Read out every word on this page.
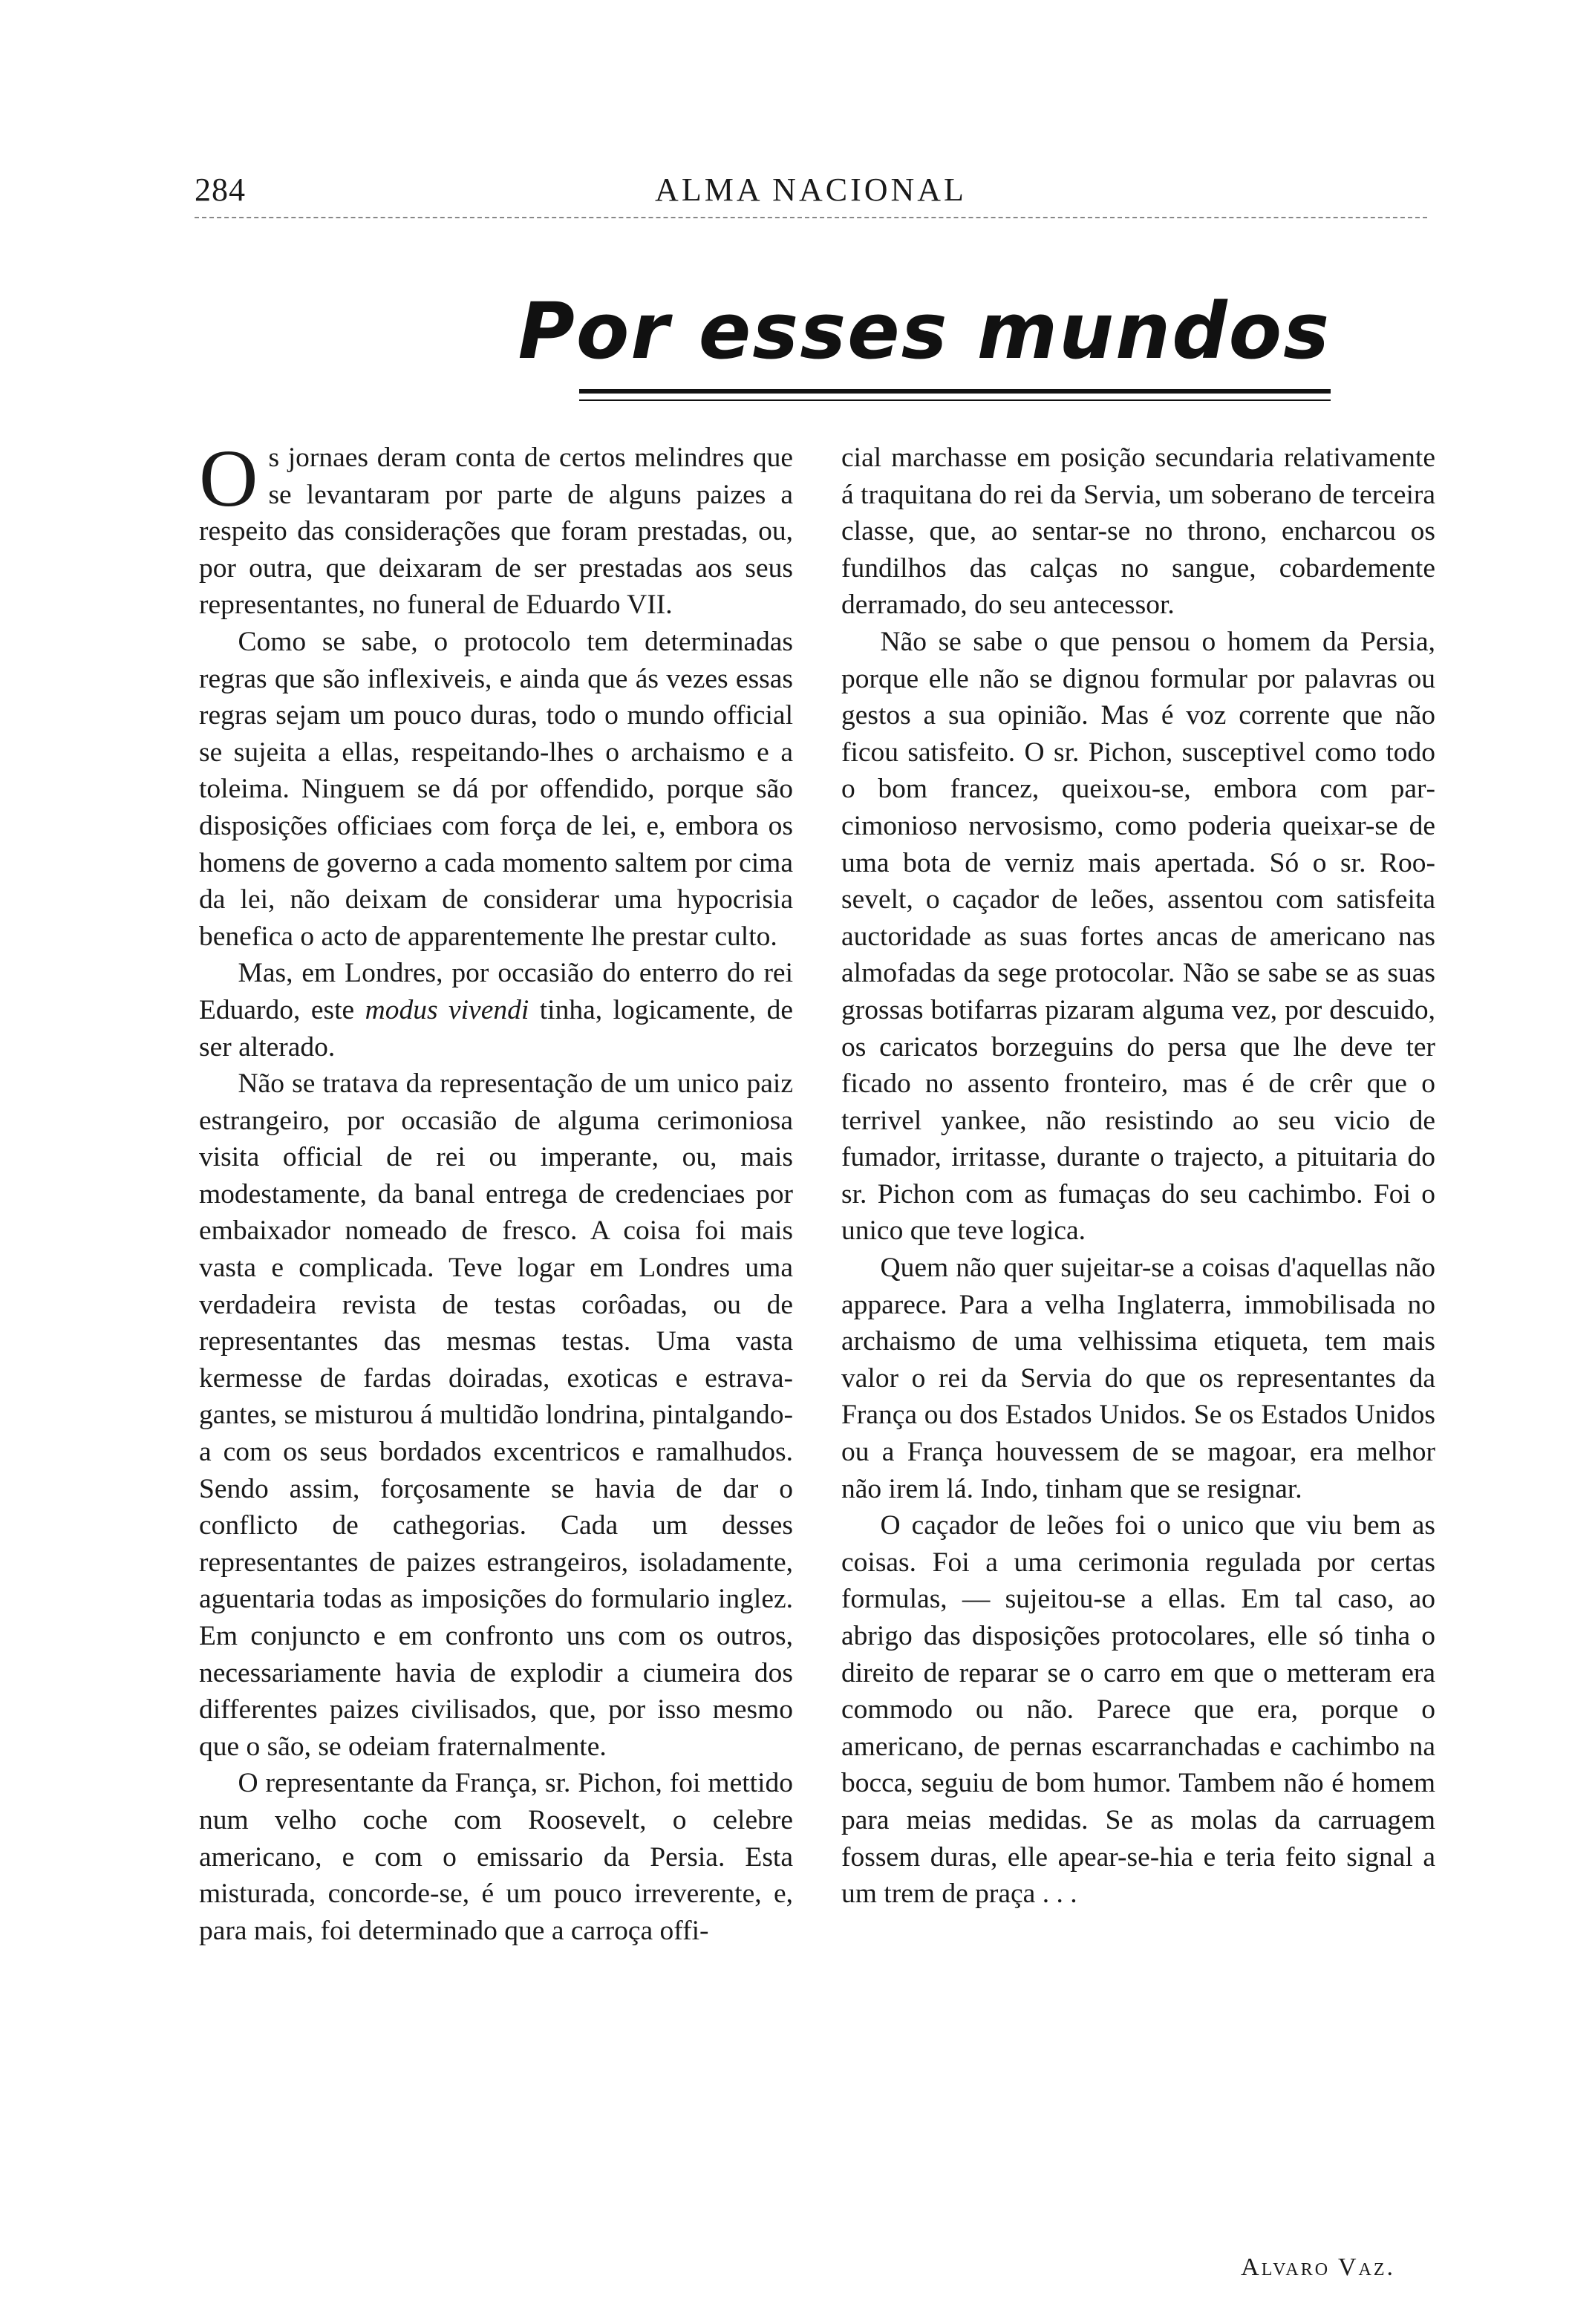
284	ALMA NACIONAL
Por esses mundos

Os jornaes deram conta de certos melindres que se levantaram por parte de alguns paizes a respeito das considerações que foram prestadas, ou, por outra, que deixaram de ser prestadas aos seus representantes, no funeral de Eduardo VII.

Como se sabe, o protocolo tem determinadas regras que são inflexiveis, e ainda que ás vezes essas regras sejam um pouco duras, todo o mundo official se sujeita a ellas, respeitando-lhes o archaismo e a toleima. Ninguem se dá por offendido, porque são disposições officiaes com força de lei, e, embora os homens de governo a cada momento saltem por cima da lei, não deixam de considerar uma hypocrisia benefica o acto de apparentemente lhe prestar culto.

Mas, em Londres, por occasião do enterro do rei Eduardo, este modus vivendi tinha, logicamente, de ser alterado.

Não se tratava da representação de um unico paiz estrangeiro, por occasião de alguma cerimoniosa visita official de rei ou imperante, ou, mais modestamente, da banal entrega de credenciaes por embaixador nomeado de fresco. A coisa foi mais vasta e complicada. Teve logar em Londres uma verdadeira revista de testas corôadas, ou de representantes das mesmas testas. Uma vasta kermesse de fardas doiradas, exoticas e estravagantes, se misturou á multidão londrina, pintalgando-a com os seus bordados excentricos e ramalhudos. Sendo assim, forçosamente se havia de dar o conflicto de cathegorias. Cada um desses representantes de paizes estrangeiros, isoladamente, aguentaria todas as imposições do formulario inglez. Em conjuncto e em confronto uns com os outros, necessariamente havia de explodir a ciumeira dos differentes paizes civilisados, que, por isso mesmo que o são, se odeiam fraternalmente.

O representante da França, sr. Pichon, foi mettido num velho coche com Roosevelt, o celebre americano, e com o emissario da Persia. Esta misturada, concorde-se, é um pouco irreverente, e, para mais, foi determinado que a carroça offi-

cial marchasse em posição secundaria relativamente á traquitana do rei da Servia, um soberano de terceira classe, que, ao sentar-se no throno, encharcou os fundilhos das calças no sangue, cobardemente derramado, do seu antecessor.

Não se sabe o que pensou o homem da Persia, porque elle não se dignou formular por palavras ou gestos a sua opinião. Mas é voz corrente que não ficou satisfeito. O sr. Pichon, susceptivel como todo o bom francez, queixou-se, embora com parcimonioso nervosismo, como poderia queixar-se de uma bota de verniz mais apertada. Só o sr. Roosevelt, o caçador de leões, assentou com satisfeita auctoridade as suas fortes ancas de americano nas almofadas da sege protocolar. Não se sabe se as suas grossas botifarras pizaram alguma vez, por descuido, os caricatos borzeguins do persa que lhe deve ter ficado no assento fronteiro, mas é de crêr que o terrivel yankee, não resistindo ao seu vicio de fumador, irritasse, durante o trajecto, a pituitaria do sr. Pichon com as fumaças do seu cachimbo. Foi o unico que teve logica.

Quem não quer sujeitar-se a coisas d'aquellas não apparece. Para a velha Inglaterra, immobilisada no archaismo de uma velhissima etiqueta, tem mais valor o rei da Servia do que os representantes da França ou dos Estados Unidos. Se os Estados Unidos ou a França houvessem de se magoar, era melhor não irem lá. Indo, tinham que se resignar.

O caçador de leões foi o unico que viu bem as coisas. Foi a uma cerimonia regulada por certas formulas, — sujeitou-se a ellas. Em tal caso, ao abrigo das disposições protocolares, elle só tinha o direito de reparar se o carro em que o metteram era commodo ou não. Parece que era, porque o americano, de pernas escarranchadas e cachimbo na bocca, seguiu de bom humor. Tambem não é homem para meias medidas. Se as molas da carruagem fossem duras, elle apear-se-hia e teria feito signal a um trem de praça . . .

Alvaro Vaz.
